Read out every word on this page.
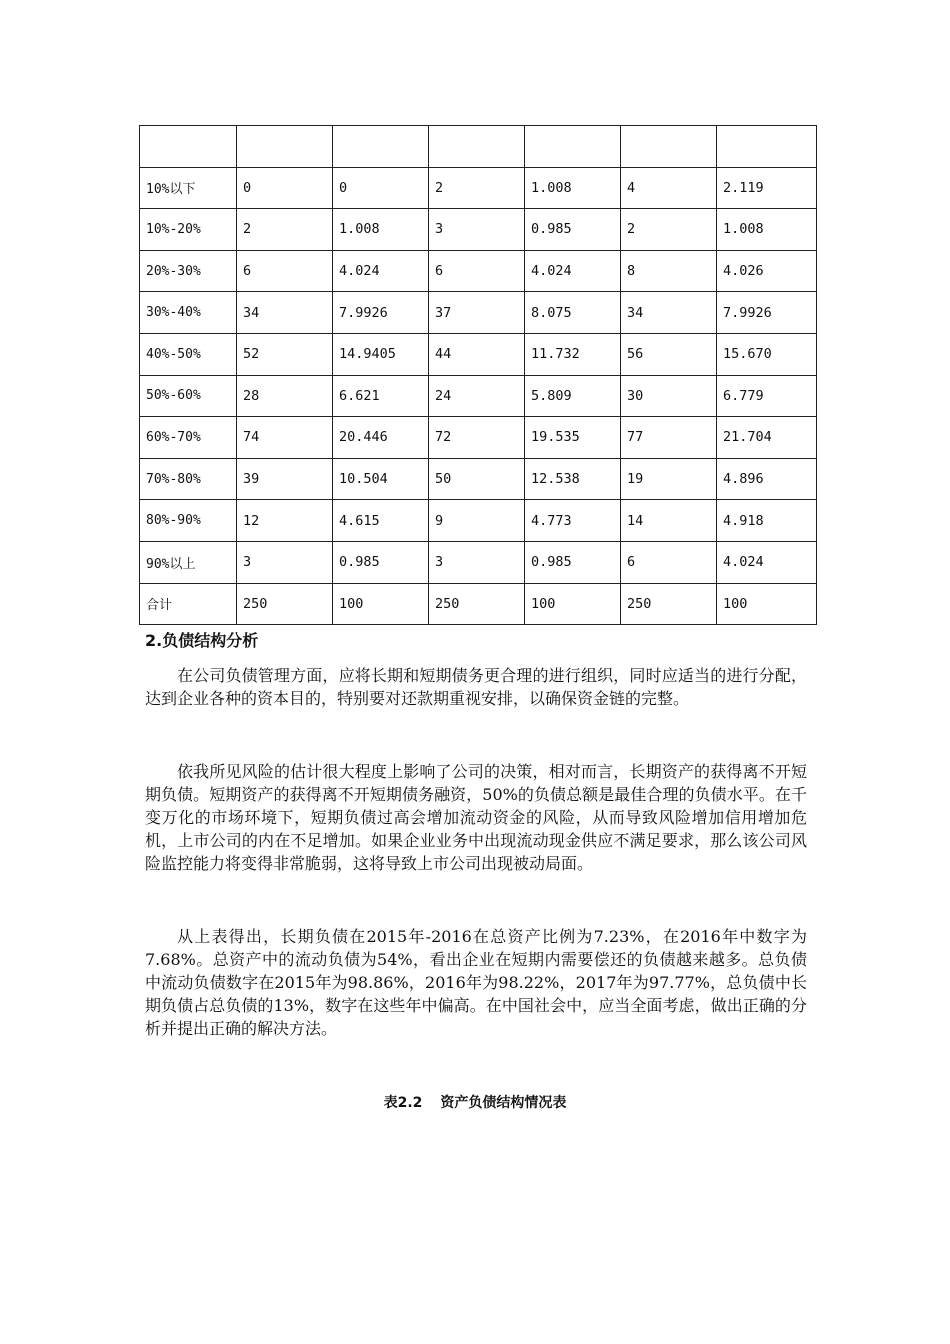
10%以下	0	0	2	1.008	4	2.119
10%-20%	2	1.008	3	0.985	2	1.008
20%-30%	6	4.024	6	4.024	8	4.026
30%-40%	34	7.9926	37	8.075	34	7.9926
40%-50%	52	14.9405	44	11.732	56	15.670
50%-60%	28	6.621	24	5.809	30	6.779
60%-70%	74	20.446	72	19.535	77	21.704
70%-80%	39	10.504	50	12.538	19	4.896
80%-90%	12	4.615	9	4.773	14	4.918
90%以上	3	0.985	3	0.985	6	4.024
合计	250	100	250	100	250	100
2.负债结构分析

在公司负债管理方面，应将长期和短期债务更合理的进行组织，同时应适当的进行分配，达到企业各种的资本目的，特别要对还款期重视安排，以确保资金链的完整。

依我所见风险的估计很大程度上影响了公司的决策，相对而言，长期资产的获得离不开短期负债。短期资产的获得离不开短期债务融资，50%的负债总额是最佳合理的负债水平。在千变万化的市场环境下，短期负债过高会增加流动资金的风险，从而导致风险增加信用增加危机，上市公司的内在不足增加。如果企业业务中出现流动现金供应不满足要求，那么该公司风险监控能力将变得非常脆弱，这将导致上市公司出现被动局面。

从上表得出，长期负债在2015年-2016在总资产比例为7.23%，在2016年中数字为7.68%。总资产中的流动负债为54%，看出企业在短期内需要偿还的负债越来越多。总负债中流动负债数字在2015年为98.86%，2016年为98.22%，2017年为97.77%，总负债中长期负债占总负债的13%，数字在这些年中偏高。在中国社会中，应当全面考虑，做出正确的分析并提出正确的解决方法。

表2.2 资产负债结构情况表
